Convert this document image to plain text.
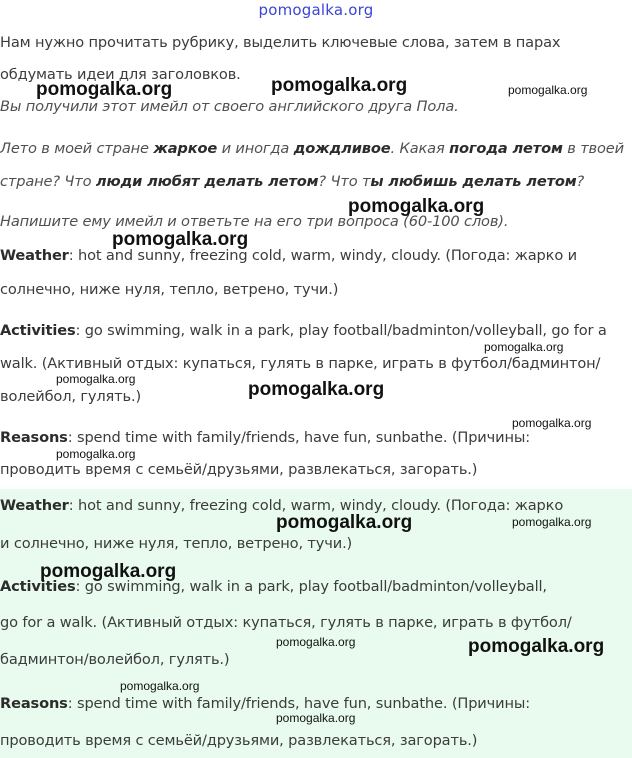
pomogalka.org
Нам нужно прочитать рубрику, выделить ключевые слова, затем в парах
обдумать идеи для заголовков.
Вы получили этот имейл от своего английского друга Пола.
Лето в моей стране жаркое и иногда дождливое. Какая погода летом в твоей
стране? Что люди любят делать летом? Что ты любишь делать летом?
Напишите ему имейл и ответьте на его три вопроса (60-100 слов).
Weather: hot and sunny, freezing cold, warm, windy, cloudy. (Погода: жарко и
солнечно, ниже нуля, тепло, ветрено, тучи.)
Activities: go swimming, walk in a park, play football/badminton/volleyball, go for a
walk. (Активный отдых: купаться, гулять в парке, играть в футбол/бадминтон/
волейбол, гулять.)
Reasons: spend time with family/friends, have fun, sunbathe. (Причины:
проводить время с семьёй/друзьями, развлекаться, загорать.)
Weather: hot and sunny, freezing cold, warm, windy, cloudy. (Погода: жарко
и солнечно, ниже нуля, тепло, ветрено, тучи.)
Activities: go swimming, walk in a park, play football/badminton/volleyball,
go for a walk. (Активный отдых: купаться, гулять в парке, играть в футбол/
бадминтон/волейбол, гулять.)
Reasons: spend time with family/friends, have fun, sunbathe. (Причины:
проводить время с семьёй/друзьями, развлекаться, загорать.)
pomogalka.org	pomogalka.org	pomogalka.org
pomogalka.org
pomogalka.org
pomogalka.org
pomogalka.org	pomogalka.org
pomogalka.org
pomogalka.org
pomogalka.org	pomogalka.org
pomogalka.org
pomogalka.org	pomogalka.org
pomogalka.org
pomogalka.org
